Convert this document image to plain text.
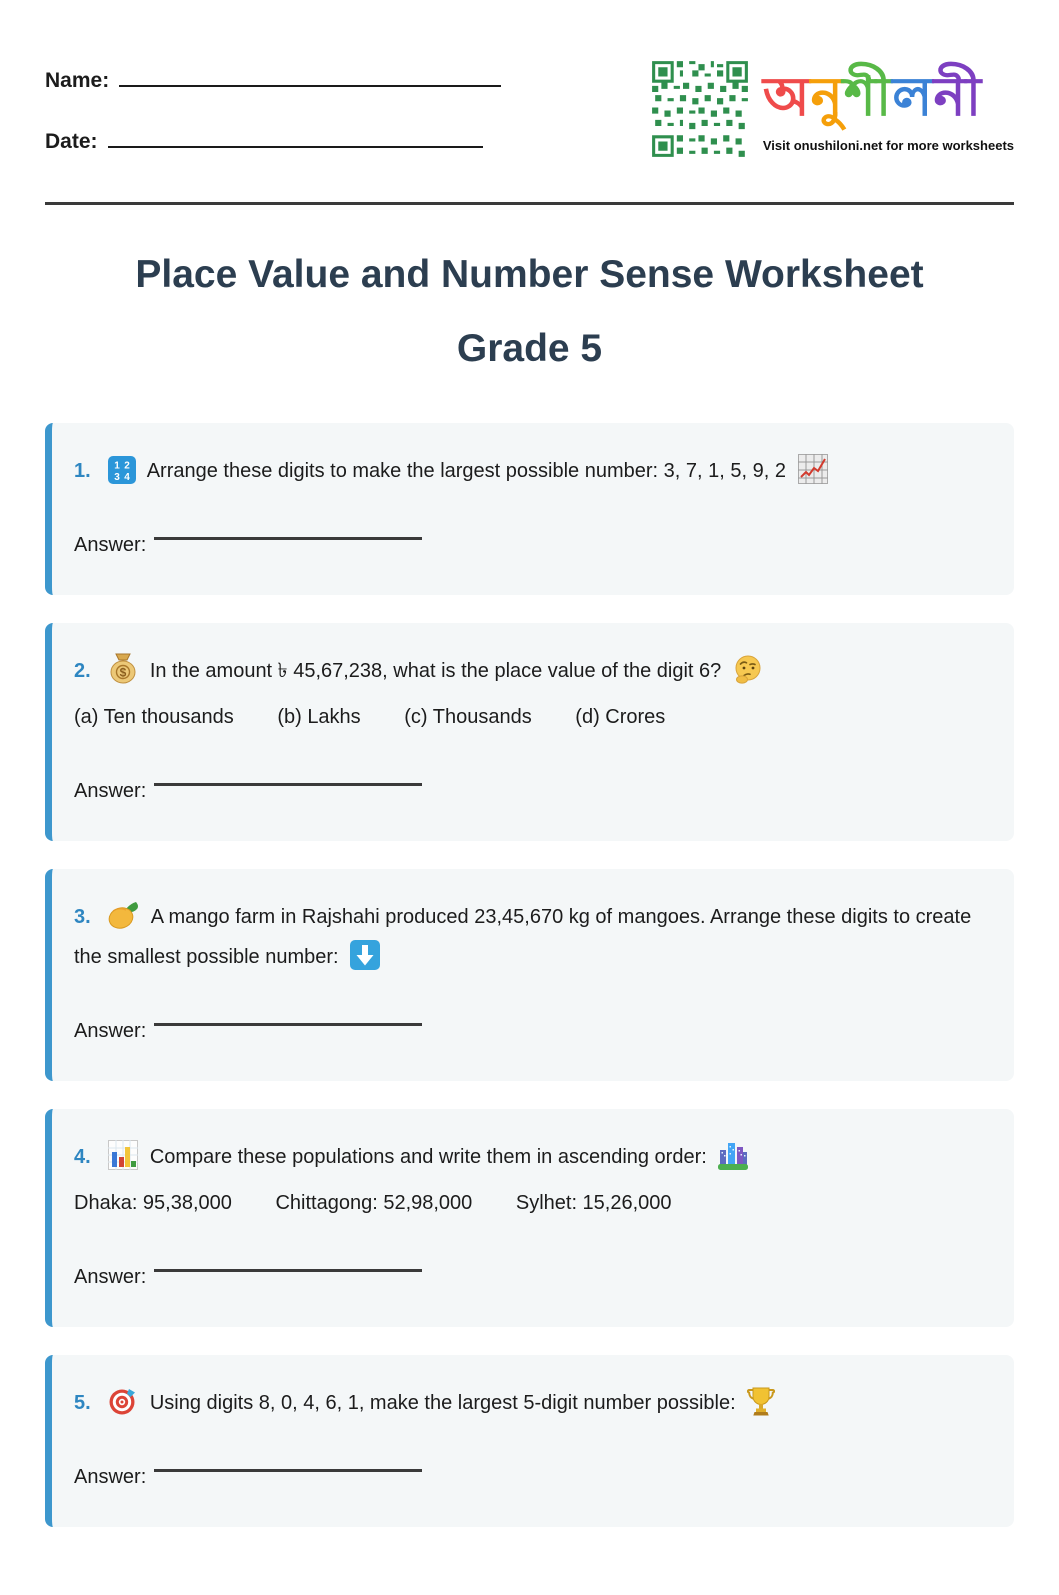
Name:
Date:
অনুশীলনী
Visit onushiloni.net for more worksheets
Place Value and Number Sense Worksheet
Grade 5
1. 1 2
3 4 Arrange these digits to make the largest possible number: 3, 7, 1, 5, 9, 2
Answer:
2. $ In the amount ৳ 45,67,238, what is the place value of the digit 6?
(a) Ten thousands (b) Lakhs (c) Thousands (d) Crores
Answer:
3.	A mango farm in Rajshahi produced 23,45,670 kg of mangoes. Arrange these digits to create the smallest possible number:
Answer:
4.	Compare these populations and write them in ascending order:
Dhaka: 95,38,000 Chittagong: 52,98,000 Sylhet: 15,26,000
Answer:
5.	Using digits 8, 0, 4, 6, 1, make the largest 5-digit number possible:
Answer:
